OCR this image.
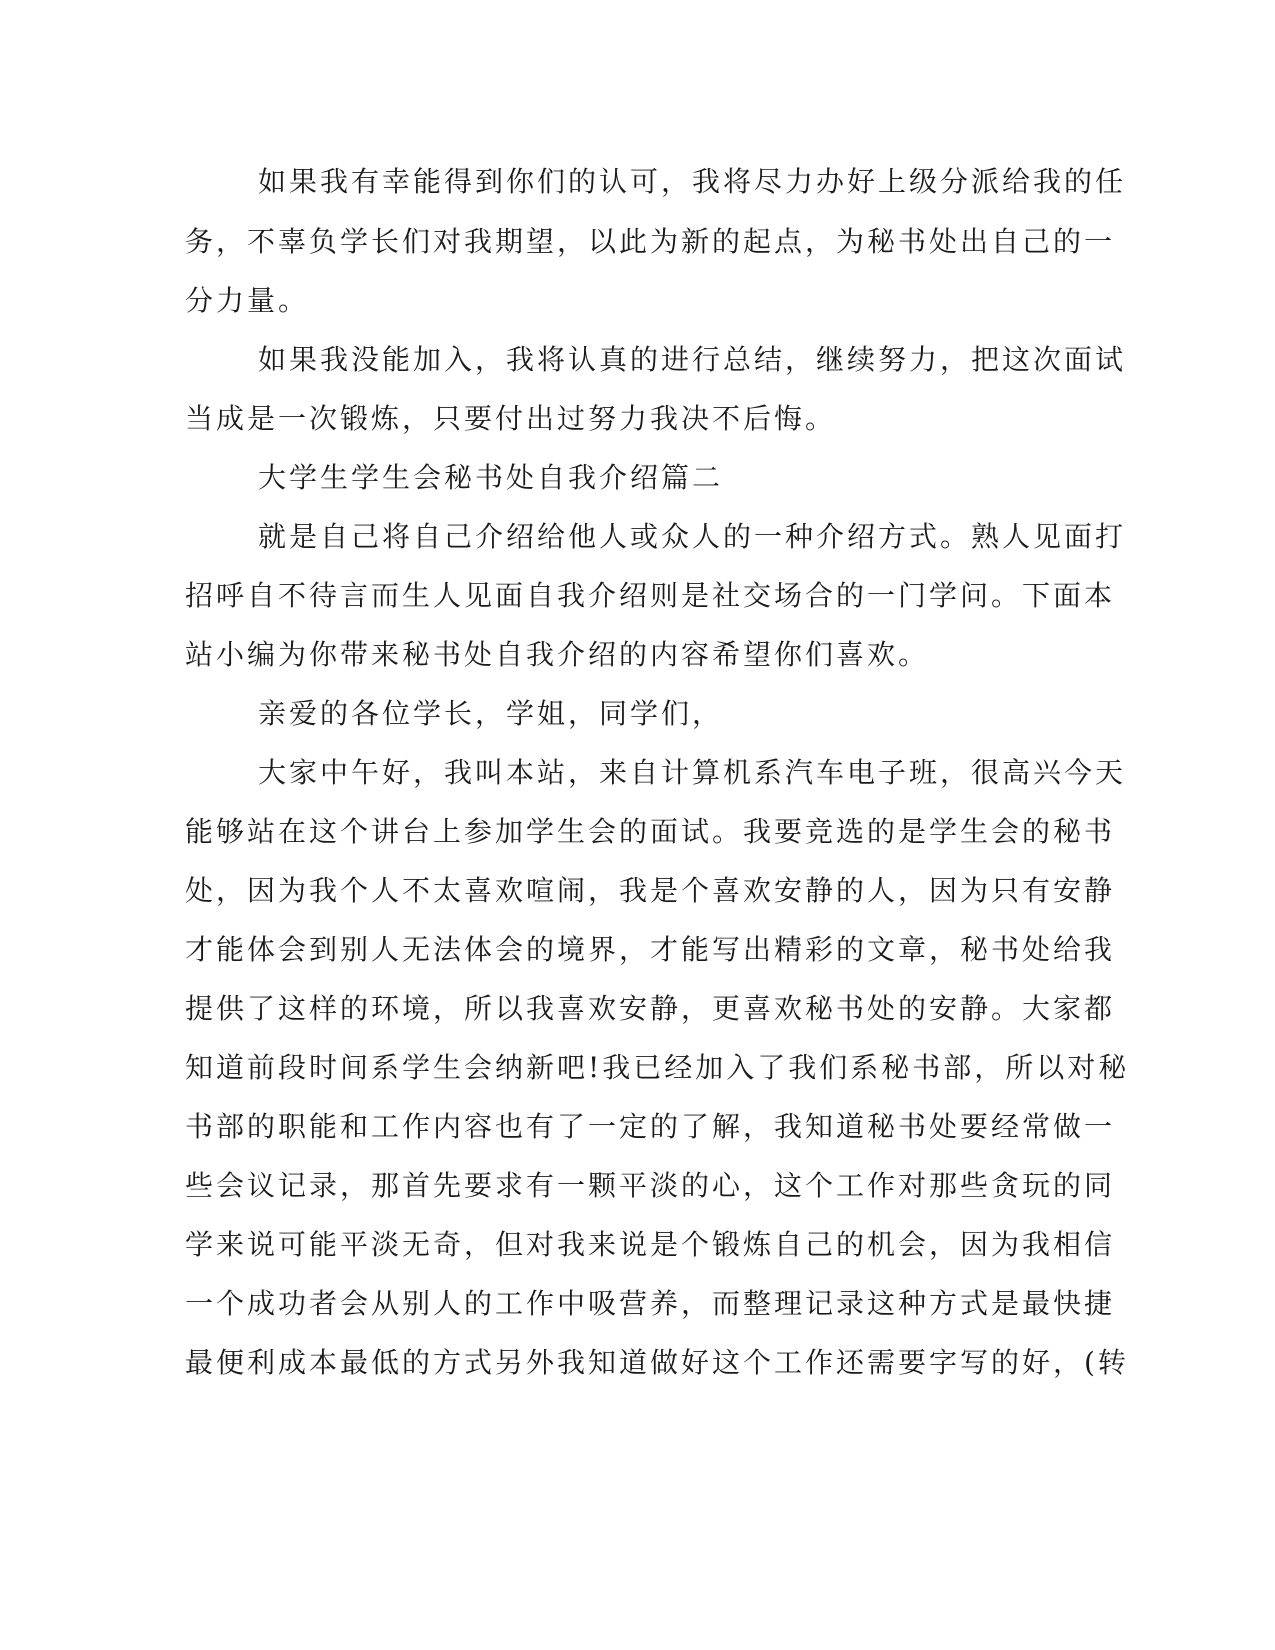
如果我有幸能得到你们的认可，我将尽力办好上级分派给我的任
务，不辜负学长们对我期望，以此为新的起点，为秘书处出自己的一
分力量。
如果我没能加入，我将认真的进行总结，继续努力，把这次面试
当成是一次锻炼，只要付出过努力我决不后悔。
大学生学生会秘书处自我介绍篇二
就是自己将自己介绍给他人或众人的一种介绍方式。熟人见面打
招呼自不待言而生人见面自我介绍则是社交场合的一门学问。下面本
站小编为你带来秘书处自我介绍的内容希望你们喜欢。
亲爱的各位学长，学姐，同学们，
大家中午好，我叫本站，来自计算机系汽车电子班，很高兴今天
能够站在这个讲台上参加学生会的面试。我要竞选的是学生会的秘书
处，因为我个人不太喜欢喧闹，我是个喜欢安静的人，因为只有安静
才能体会到别人无法体会的境界，才能写出精彩的文章，秘书处给我
提供了这样的环境，所以我喜欢安静，更喜欢秘书处的安静。大家都
知道前段时间系学生会纳新吧!我已经加入了我们系秘书部，所以对秘
书部的职能和工作内容也有了一定的了解，我知道秘书处要经常做一
些会议记录，那首先要求有一颗平淡的心，这个工作对那些贪玩的同
学来说可能平淡无奇，但对我来说是个锻炼自己的机会，因为我相信
一个成功者会从别人的工作中吸营养，而整理记录这种方式是最快捷
最便利成本最低的方式另外我知道做好这个工作还需要字写的好，(转
